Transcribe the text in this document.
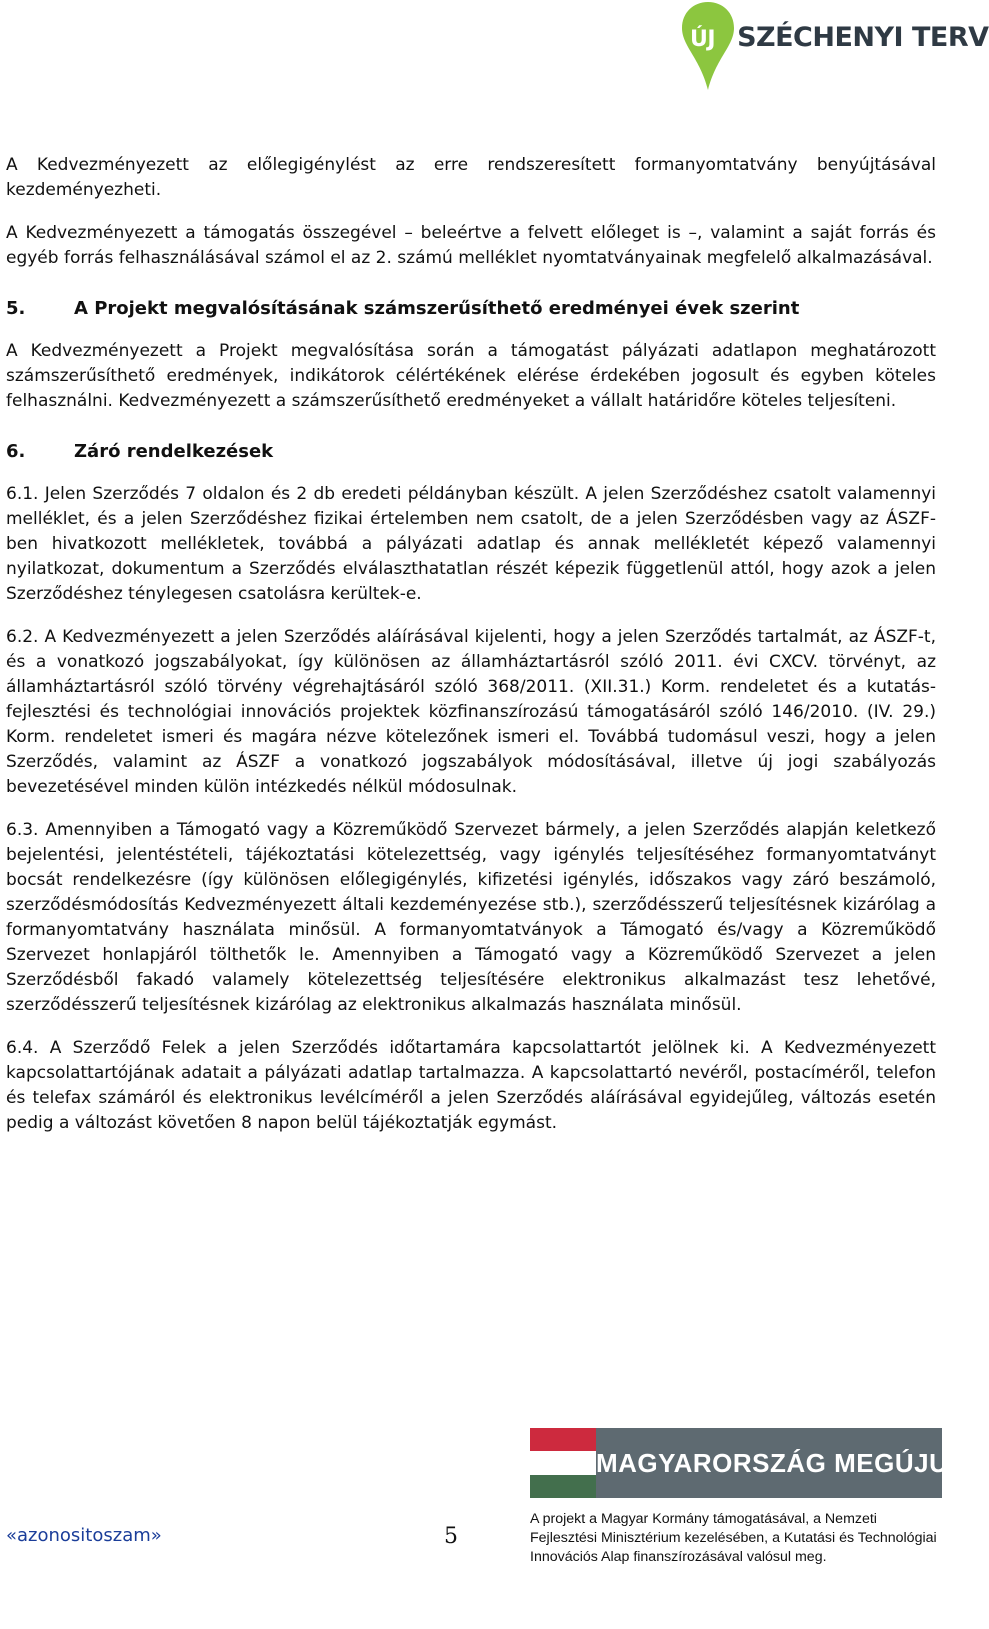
ÚJ SZÉCHENYI TERV

A Kedvezményezett az előlegigénylést az erre rendszeresített formanyomtatvány benyújtásával kezdeményezheti.

A Kedvezményezett a támogatás összegével – beleértve a felvett előleget is –, valamint a saját forrás és egyéb forrás felhasználásával számol el az 2. számú melléklet nyomtatványainak megfelelő alkalmazásával.

5.	A Projekt megvalósításának számszerűsíthető eredményei évek szerint

A Kedvezményezett a Projekt megvalósítása során a támogatást pályázati adatlapon meghatározott számszerűsíthető eredmények, indikátorok célértékének elérése érdekében jogosult és egyben köteles felhasználni. Kedvezményezett a számszerűsíthető eredményeket a vállalt határidőre köteles teljesíteni.

6.	Záró rendelkezések

6.1. Jelen Szerződés 7 oldalon és 2 db eredeti példányban készült. A jelen Szerződéshez csatolt valamennyi melléklet, és a jelen Szerződéshez fizikai értelemben nem csatolt, de a jelen Szerződésben vagy az ÁSZF-ben hivatkozott mellékletek, továbbá a pályázati adatlap és annak mellékletét képező valamennyi nyilatkozat, dokumentum a Szerződés elválaszthatatlan részét képezik függetlenül attól, hogy azok a jelen Szerződéshez ténylegesen csatolásra kerültek-e.

6.2. A Kedvezményezett a jelen Szerződés aláírásával kijelenti, hogy a jelen Szerződés tartalmát, az ÁSZF-t, és a vonatkozó jogszabályokat, így különösen az államháztartásról szóló 2011. évi CXCV. törvényt, az államháztartásról szóló törvény végrehajtásáról szóló 368/2011. (XII.31.) Korm. rendeletet és a kutatás-fejlesztési és technológiai innovációs projektek közfinanszírozású támogatásáról szóló 146/2010. (IV. 29.) Korm. rendeletet ismeri és magára nézve kötelezőnek ismeri el. Továbbá tudomásul veszi, hogy a jelen Szerződés, valamint az ÁSZF a vonatkozó jogszabályok módosításával, illetve új jogi szabályozás bevezetésével minden külön intézkedés nélkül módosulnak.

6.3. Amennyiben a Támogató vagy a Közreműködő Szervezet bármely, a jelen Szerződés alapján keletkező bejelentési, jelentéstételi, tájékoztatási kötelezettség, vagy igénylés teljesítéséhez formanyomtatványt bocsát rendelkezésre (így különösen előlegigénylés, kifizetési igénylés, időszakos vagy záró beszámoló, szerződésmódosítás Kedvezményezett általi kezdeményezése stb.), szerződésszerű teljesítésnek kizárólag a formanyomtatvány használata minősül. A formanyomtatványok a Támogató és/vagy a Közreműködő Szervezet honlapjáról tölthetők le. Amennyiben a Támogató vagy a Közreműködő Szervezet a jelen Szerződésből fakadó valamely kötelezettség teljesítésére elektronikus alkalmazást tesz lehetővé, szerződésszerű teljesítésnek kizárólag az elektronikus alkalmazás használata minősül.

6.4. A Szerződő Felek a jelen Szerződés időtartamára kapcsolattartót jelölnek ki. A Kedvezményezett kapcsolattartójának adatait a pályázati adatlap tartalmazza. A kapcsolattartó nevéről, postacíméről, telefon és telefax számáról és elektronikus levélcíméről a jelen Szerződés aláírásával egyidejűleg, változás esetén pedig a változást követően 8 napon belül tájékoztatják egymást.

«azonositoszam»	5
MAGYARORSZÁG MEGÚJUL
A projekt a Magyar Kormány támogatásával, a Nemzeti Fejlesztési Minisztérium kezelésében, a Kutatási és Technológiai Innovációs Alap finanszírozásával valósul meg.
